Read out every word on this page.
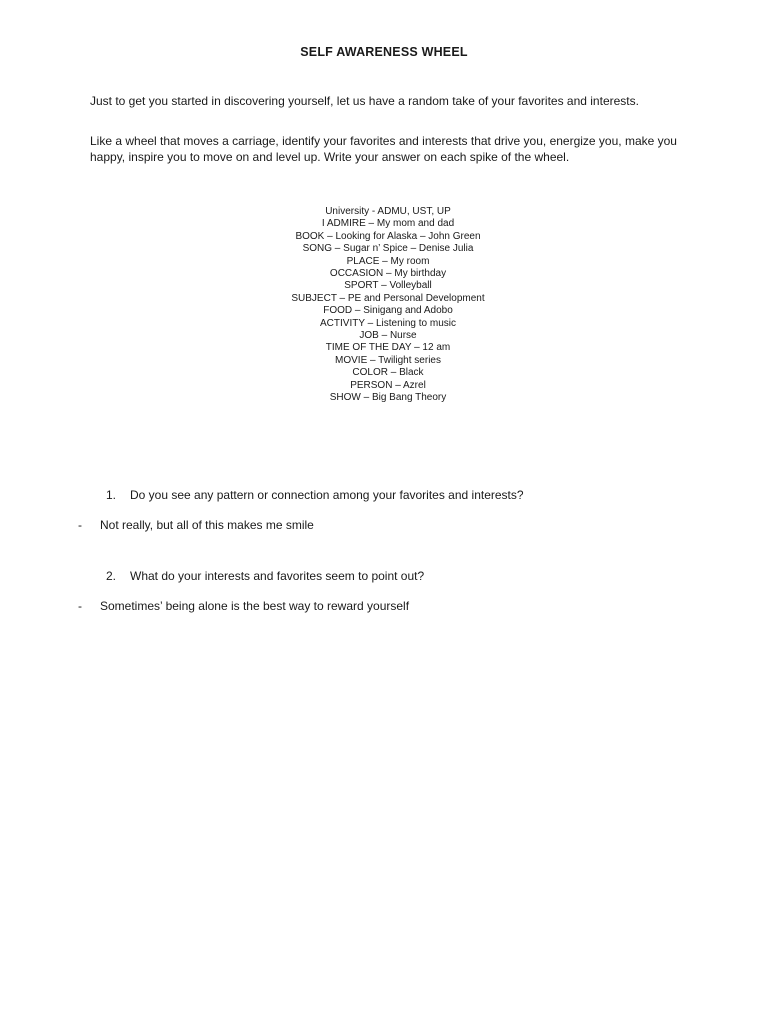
SELF AWARENESS WHEEL
Just to get you started in discovering yourself, let us have a random take of your favorites and interests.
Like a wheel that moves a carriage, identify your favorites and interests that drive you, energize you, make you happy, inspire you to move on and level up. Write your answer on each spike of the wheel.
University - ADMU, UST, UP
I ADMIRE – My mom and dad
BOOK – Looking for Alaska – John Green
SONG – Sugar n’ Spice – Denise Julia
PLACE – My room
OCCASION – My birthday
SPORT – Volleyball
SUBJECT – PE and Personal Development
FOOD – Sinigang and Adobo
ACTIVITY – Listening to music
JOB – Nurse
TIME OF THE DAY – 12 am
MOVIE – Twilight series
COLOR – Black
PERSON – Azrel
SHOW – Big Bang Theory
1. Do you see any pattern or connection among your favorites and interests?
- Not really, but all of this makes me smile
2. What do your interests and favorites seem to point out?
- Sometimes’ being alone is the best way to reward yourself
